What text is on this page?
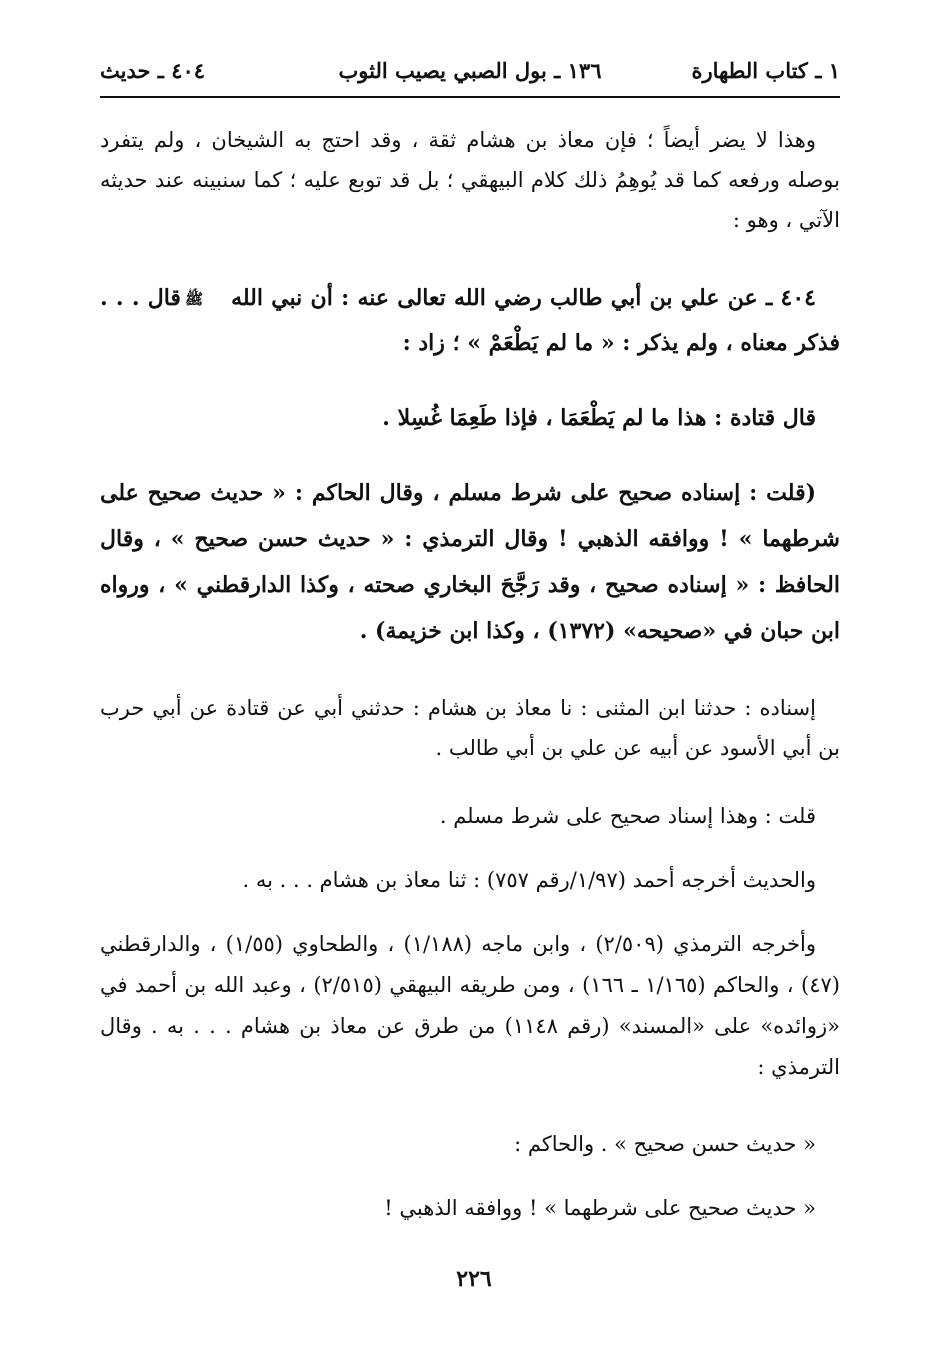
١ ـ كتاب الطهارة
١٣٦ ـ بول الصبي يصيب الثوب
٤٠٤ ـ حديث

وهذا لا يضر أيضاً ؛ فإن معاذ بن هشام ثقة ، وقد احتج به الشيخان ، ولم يتفرد بوصله ورفعه كما قد يُوهِمُ ذلك كلام البيهقي ؛ بل قد توبع عليه ؛ كما سنبينه عند حديثه الآتي ، وهو :

٤٠٤ ـ عن علي بن أبي طالب رضي الله تعالى عنه : أن نبي اللهﷺقال . . . فذكر معناه ، ولم يذكر : « ما لم يَطْعَمْ » ؛ زاد :

قال قتادة : هذا ما لم يَطْعَمَا ، فإذا طَعِمَا غُسِلا .

(قلت : إسناده صحيح على شرط مسلم ، وقال الحاكم : « حديث صحيح على شرطهما » ! ووافقه الذهبي ! وقال الترمذي : « حديث حسن صحيح » ، وقال الحافظ : « إسناده صحيح ، وقد رَجَّحَ البخاري صحته ، وكذا الدارقطني » ، ورواه ابن حبان في «صحيحه» (١٣٧٢) ، وكذا ابن خزيمة) .

إسناده : حدثنا ابن المثنى : نا معاذ بن هشام : حدثني أبي عن قتادة عن أبي حرب بن أبي الأسود عن أبيه عن علي بن أبي طالب .

قلت : وهذا إسناد صحيح على شرط مسلم .

والحديث أخرجه أحمد (١/٩٧/رقم ٧٥٧) : ثنا معاذ بن هشام . . . به .

وأخرجه الترمذي (٢/٥٠٩) ، وابن ماجه (١/١٨٨) ، والطحاوي (١/٥٥) ، والدارقطني (٤٧) ، والحاكم (١/١٦٥ ـ ١٦٦) ، ومن طريقه البيهقي (٢/٥١٥) ، وعبد الله بن أحمد في «زوائده» على «المسند» (رقم ١١٤٨) من طرق عن معاذ بن هشام . . . به . وقال الترمذي :

« حديث حسن صحيح » . والحاكم :

« حديث صحيح على شرطهما » ! ووافقه الذهبي !

٢٢٦
